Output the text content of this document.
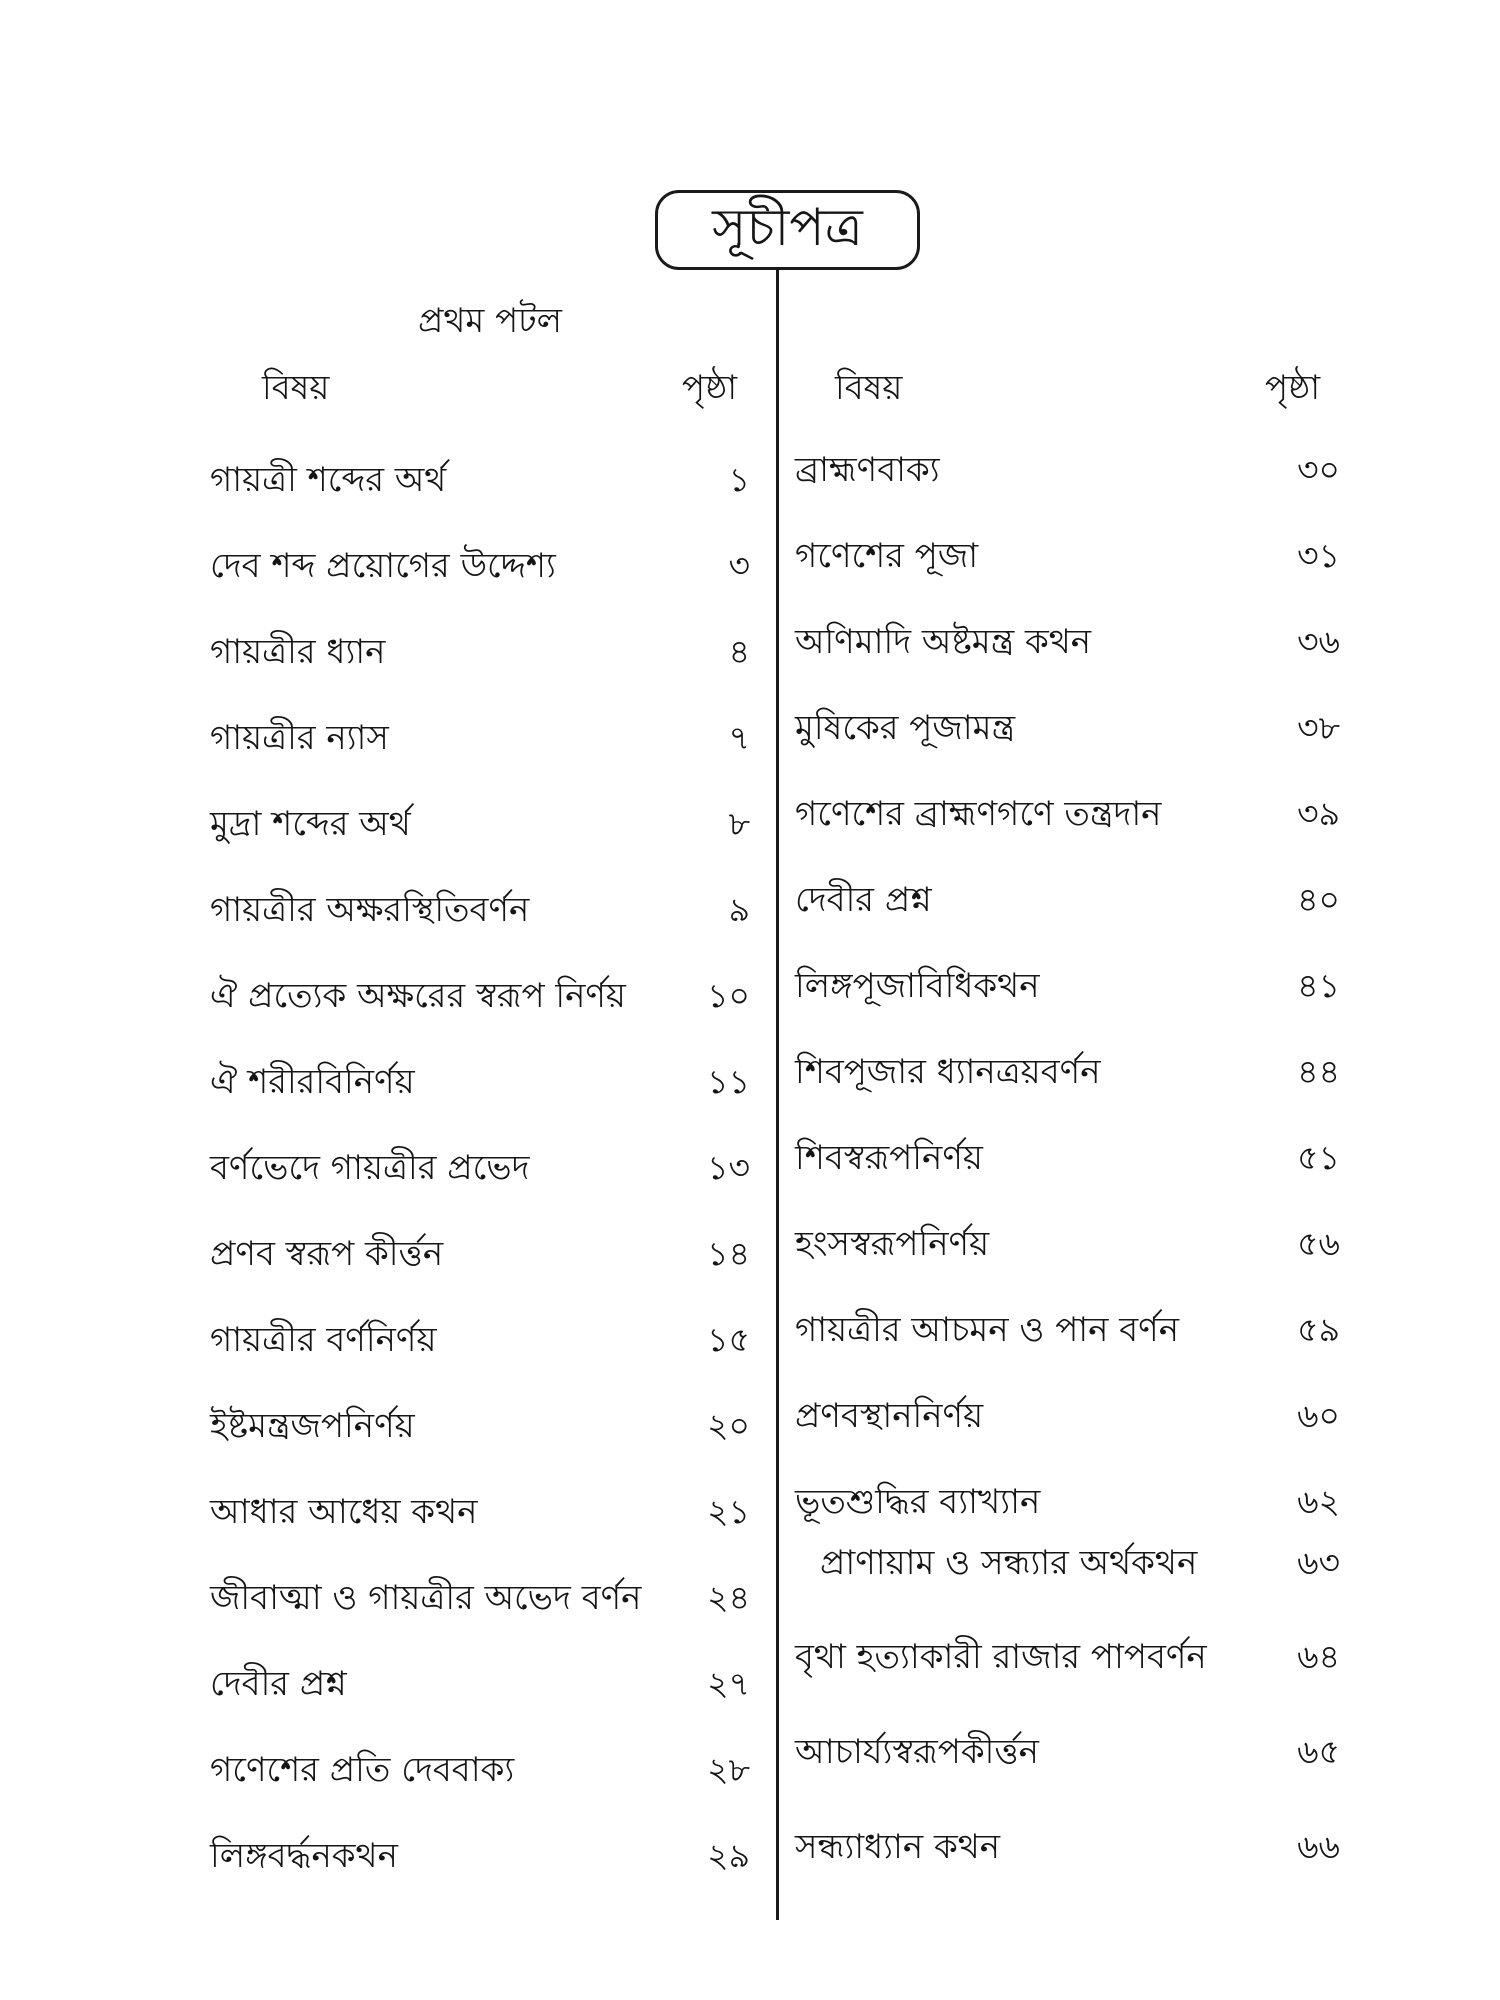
সূচীপত্র
প্রথম পটল
বিষয়	পৃষ্ঠা	বিষয়	পৃষ্ঠা
গায়ত্রী শব্দের অর্থ	১
দেব শব্দ প্রয়োগের উদ্দেশ্য	৩
গায়ত্রীর ধ্যান	৪
গায়ত্রীর ন্যাস	৭
মুদ্রা শব্দের অর্থ	৮
গায়ত্রীর অক্ষরস্থিতিবর্ণন	৯
ঐ প্রত্যেক অক্ষরের স্বরূপ নির্ণয়	১০
ঐ শরীরবিনির্ণয়	১১
বর্ণভেদে গায়ত্রীর প্রভেদ	১৩
প্রণব স্বরূপ কীর্ত্তন	১৪
গায়ত্রীর বর্ণনির্ণয়	১৫
ইষ্টমন্ত্রজপনির্ণয়	২০
আধার আধেয় কথন	২১
জীবাত্মা ও গায়ত্রীর অভেদ বর্ণন	২৪
দেবীর প্রশ্ন	২৭
গণেশের প্রতি দেববাক্য	২৮
লিঙ্গবর্দ্ধনকথন	২৯
ব্রাহ্মণবাক্য	৩০
গণেশের পূজা	৩১
অণিমাদি অষ্টমন্ত্র কথন	৩৬
মুষিকের পূজামন্ত্র	৩৮
গণেশের ব্রাহ্মণগণে তন্ত্রদান	৩৯
দেবীর প্রশ্ন	৪০
লিঙ্গপূজাবিধিকথন	৪১
শিবপূজার ধ্যানত্রয়বর্ণন	৪৪
শিবস্বরূপনির্ণয়	৫১
হংসস্বরূপনির্ণয়	৫৬
গায়ত্রীর আচমন ও পান বর্ণন	৫৯
প্রণবস্থাননির্ণয়	৬০
ভূতশুদ্ধির ব্যাখ্যান	৬২
প্রাণায়াম ও সন্ধ্যার অর্থকথন	৬৩
বৃথা হত্যাকারী রাজার পাপবর্ণন	৬৪
আচার্য্যস্বরূপকীর্ত্তন	৬৫
সন্ধ্যাধ্যান কথন	৬৬
